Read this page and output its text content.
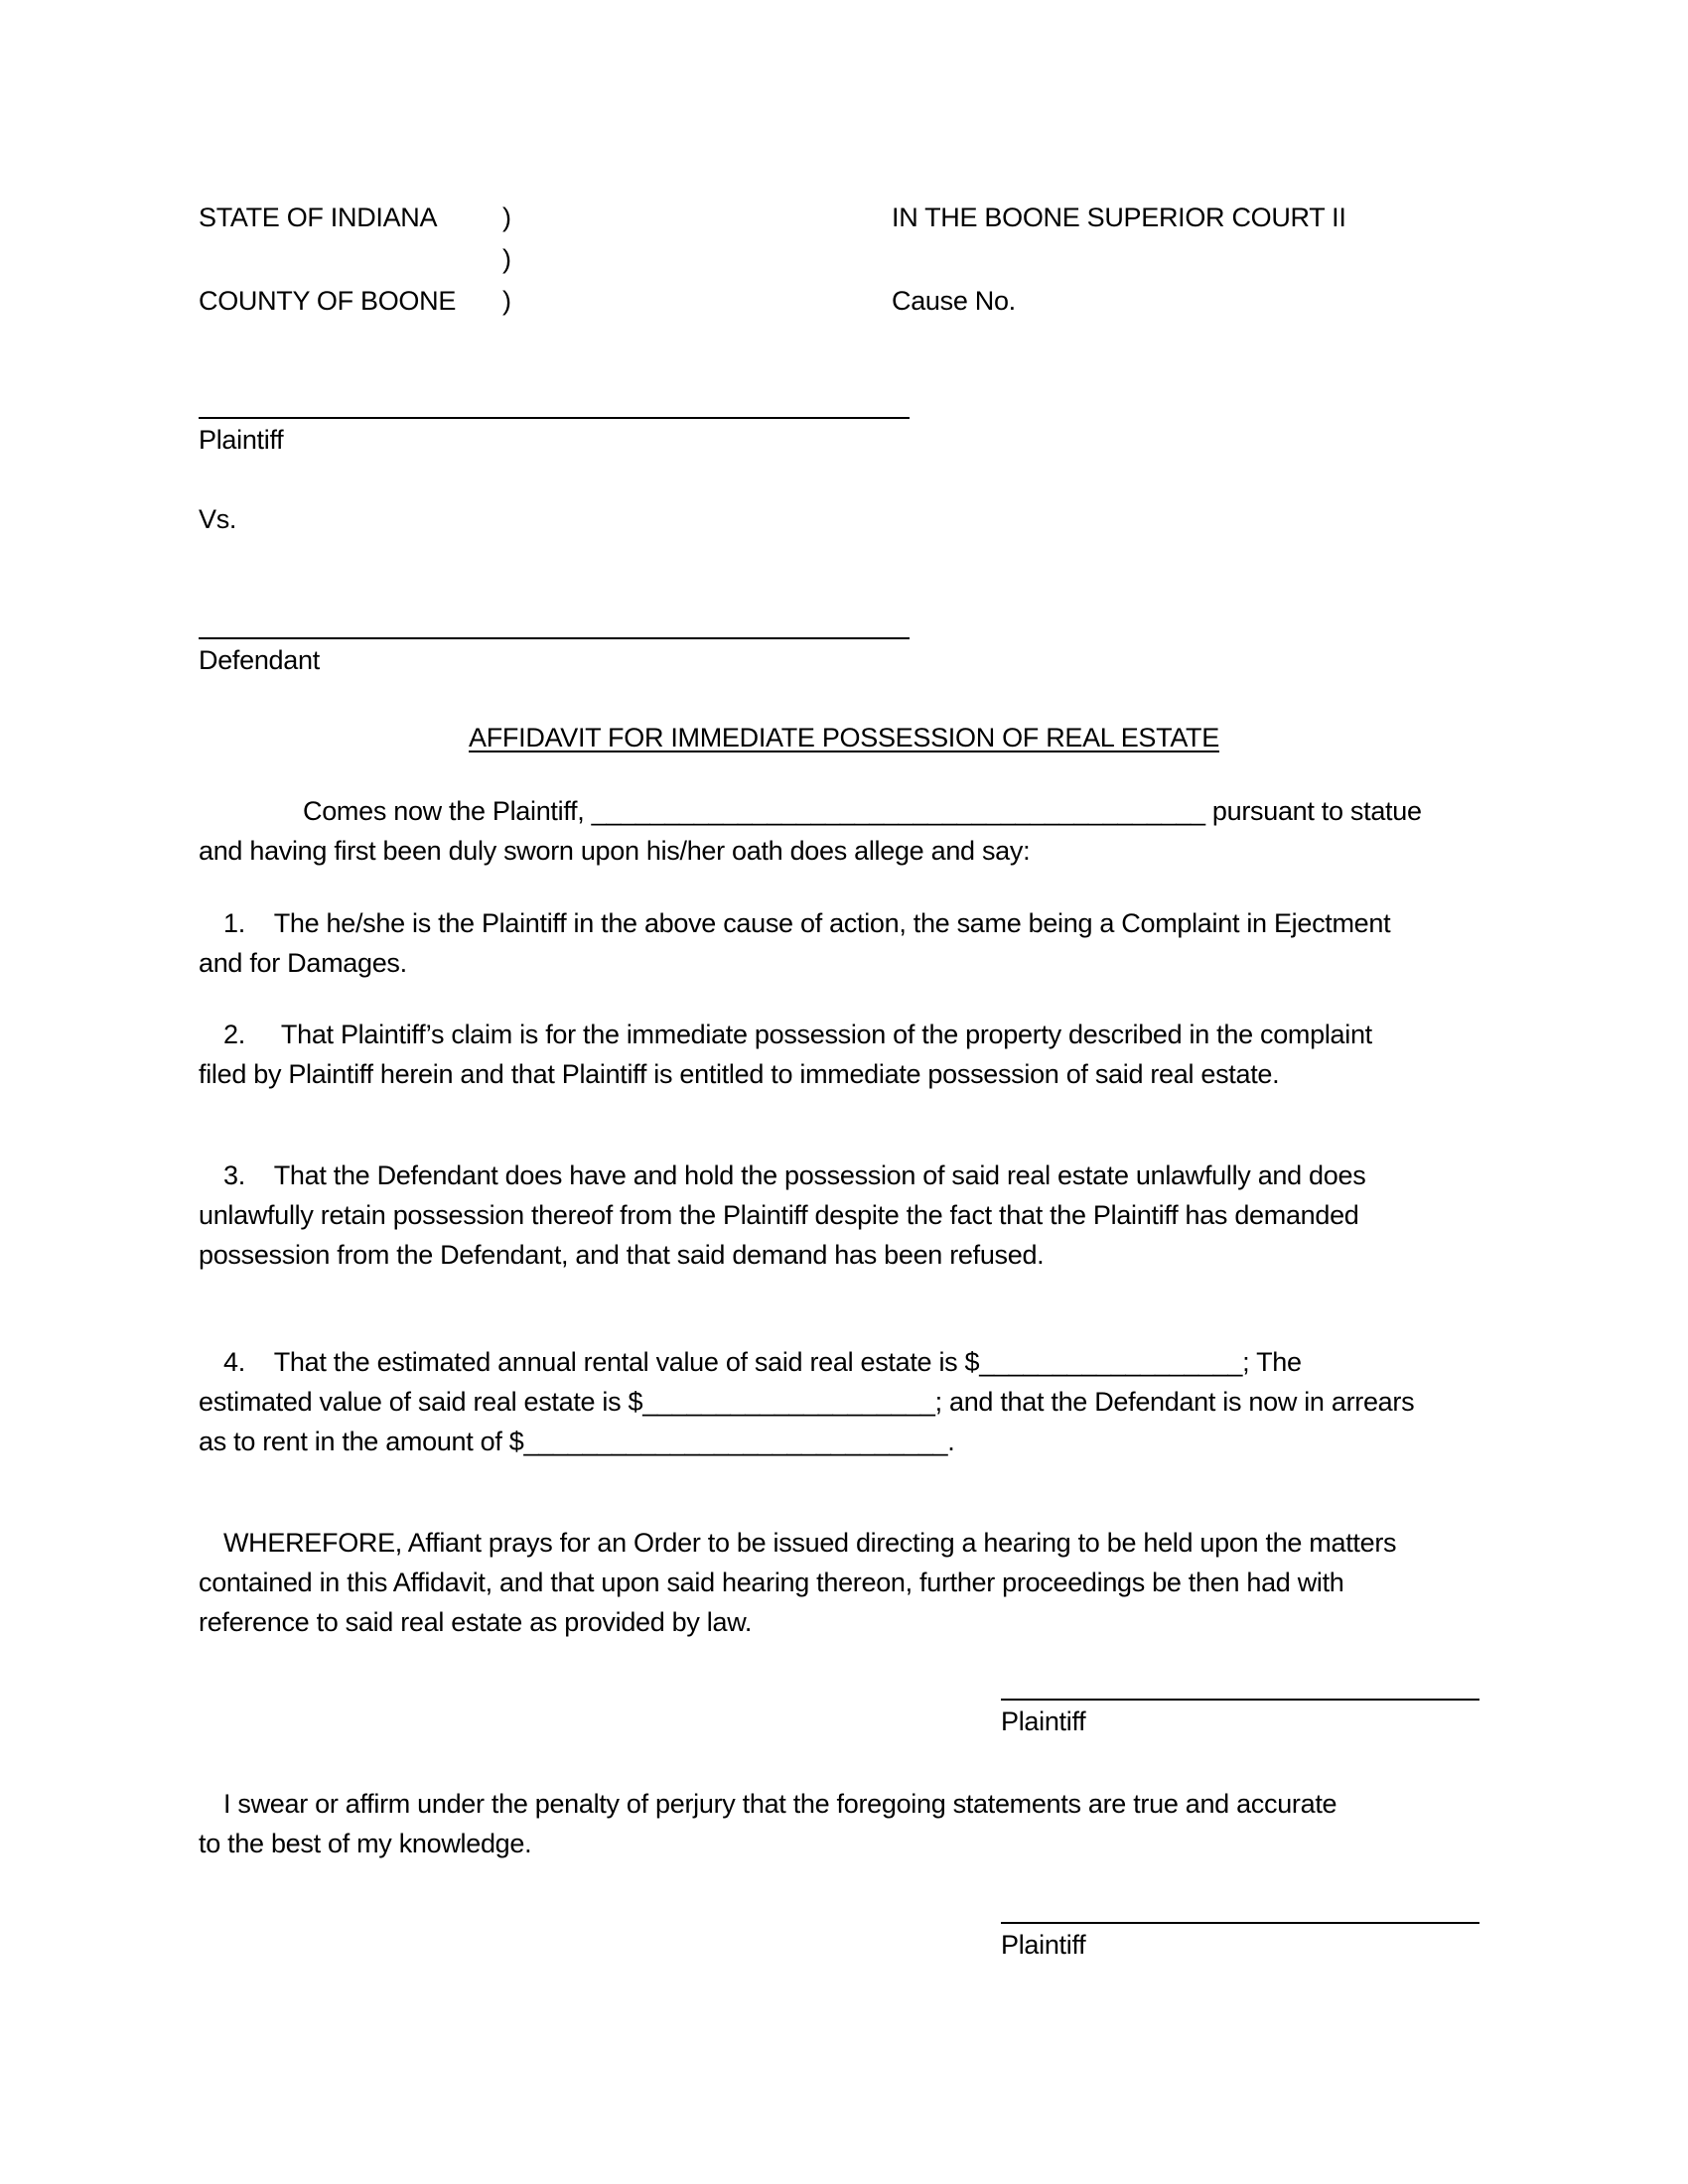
STATE OF INDIANA	)	IN THE BOONE SUPERIOR COURT II
)
COUNTY OF BOONE	)	Cause No.
Plaintiff
Vs.
Defendant
AFFIDAVIT FOR IMMEDIATE POSSESSION OF REAL ESTATE

Comes now the Plaintiff, __________________________________________ pursuant to statue
and having first been duly sworn upon his/her oath does allege and say:

1.    The he/she is the Plaintiff in the above cause of action, the same being a Complaint in Ejectment
and for Damages.

2.     That Plaintiff’s claim is for the immediate possession of the property described in the complaint
filed by Plaintiff herein and that Plaintiff is entitled to immediate possession of said real estate.

3.    That the Defendant does have and hold the possession of said real estate unlawfully and does
unlawfully retain possession thereof from the Plaintiff despite the fact that the Plaintiff has demanded
possession from the Defendant, and that said demand has been refused.

4.    That the estimated annual rental value of said real estate is $__________________; The
estimated value of said real estate is $____________________; and that the Defendant is now in arrears
as to rent in the amount of $_____________________________.

WHEREFORE, Affiant prays for an Order to be issued directing a hearing to be held upon the matters
contained in this Affidavit, and that upon said hearing thereon, further proceedings be then had with
reference to said real estate as provided by law.

Plaintiff

I swear or affirm under the penalty of perjury that the foregoing statements are true and accurate
to the best of my knowledge.

Plaintiff
